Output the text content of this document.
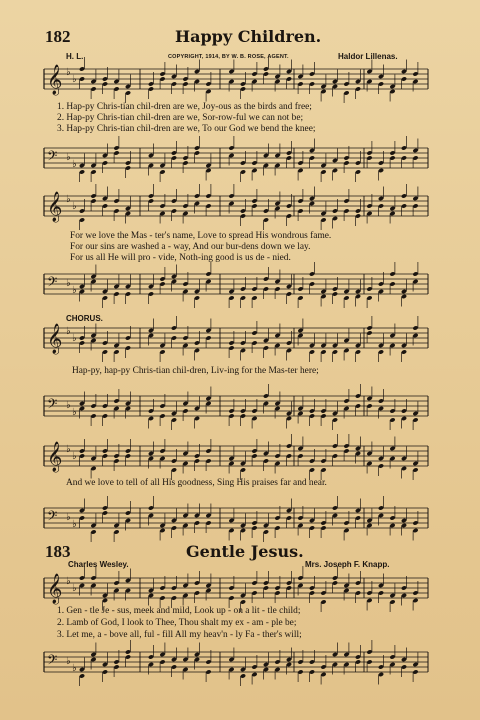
182	Happy Children.
H. L.	COPYRIGHT, 1914, BY W. B. ROSE, AGENT.	Haldor Lillenas.
𝄞 ♭
♭
1. Hap-py Chris-tian chil-dren are we, Joy-ous as the birds and free;
2. Hap-py Chris-tian chil-dren are we, Sor-row-ful we can not be;
3. Hap-py Chris-tian chil-dren are we, To our God we bend the knee;
𝄢 ♭
♭
𝄞 ♭
♭
For we love the Mas - ter's name, Love to spread His wondrous fame.
For our sins are washed a - way, And our bur-dens down we lay.
For us all He will pro - vide, Noth-ing good is us de - nied.
𝄢 ♭
♭
CHORUS.
𝄞 ♭
♭
Hap-py, hap-py Chris-tian chil-dren, Liv-ing for the Mas-ter here;
𝄢 ♭
♭
𝄞 ♭
♭
And we love to tell of all His goodness, Sing His praises far and near.
𝄢 ♭
♭
183	Gentle Jesus.
Charles Wesley.	Mrs. Joseph F. Knapp.
𝄞 ♭
♭
1. Gen - tle Je - sus, meek and mild, Look up - on a lit - tle child;
2. Lamb of God, I look to Thee, Thou shalt my ex - am - ple be;
3. Let me, a - bove all, ful - fill All my heav'n - ly Fa - ther's will;
𝄢 ♭
♭
